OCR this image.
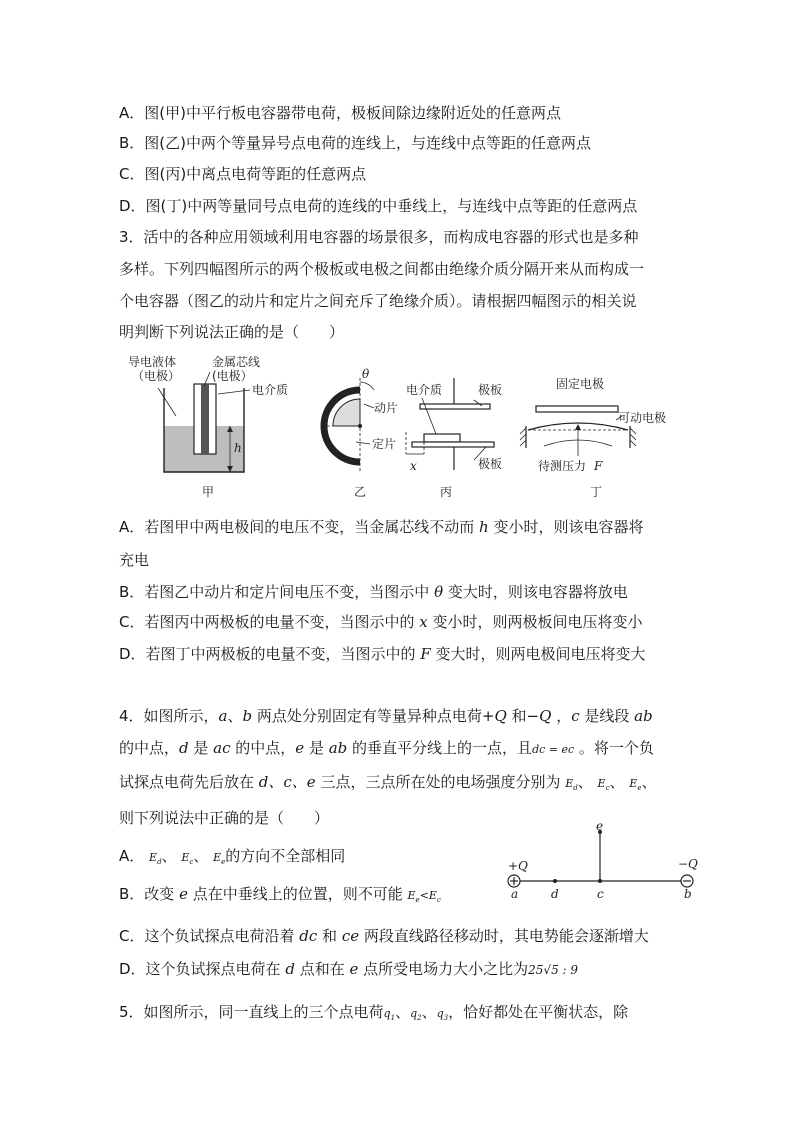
A．图(甲)中平行板电容器带电荷，极板间除边缘附近处的任意两点
B．图(乙)中两个等量异号点电荷的连线上，与连线中点等距的任意两点
C．图(丙)中离点电荷等距的任意两点
D．图(丁)中两等量同号点电荷的连线的中垂线上，与连线中点等距的任意两点
3．活中的各种应用领域利用电容器的场景很多，而构成电容器的形式也是多种
多样。下列四幅图所示的两个极板或电极之间都由绝缘介质分隔开来从而构成一
个电容器（图乙的动片和定片之间充斥了绝缘介质）。请根据四幅图示的相关说
明判断下列说法正确的是（　　）
导电液体
（电极）
金属芯线
(电极）
电介质
h
甲
θ
动片
定片
乙
电介质	极板
极板
x
丙
固定电极
可动电极
待测压力 F
丁
A．若图甲中两电极间的电压不变，当金属芯线不动而 h 变小时，则该电容器将
充电
B．若图乙中动片和定片间电压不变，当图示中 θ 变大时，则该电容器将放电
C．若图丙中两极板的电量不变，当图示中的 x 变小时，则两极板间电压将变小
D．若图丁中两极板的电量不变，当图示中的 F 变大时，则两电极间电压将变大
4．如图所示，a、b 两点处分别固定有等量异种点电荷+Q 和−Q ，c 是线段 ab
的中点，d 是 ac 的中点，e 是 ab 的垂直平分线上的一点，且dc = ec 。将一个负
试探点电荷先后放在 d、c、e 三点，三点所在处的电场强度分别为 $E_d$、 $E_c$、 $E_e$、
则下列说法中正确的是（　　）
A． $E_d$、 $E_c$、 $E_e$的方向不全部相同
B．改变 e 点在中垂线上的位置，则不可能 $E_e<E_c$
C．这个负试探点电荷沿着 dc 和 ce 两段直线路径移动时，其电势能会逐渐增大
D．这个负试探点电荷在 d 点和在 e 点所受电场力大小之比为25√5 : 9
+Q	−Q
a	b
c
d
e
5．如图所示，同一直线上的三个点电荷$q_1$、$q_2$、$q_3$，恰好都处在平衡状态，除
